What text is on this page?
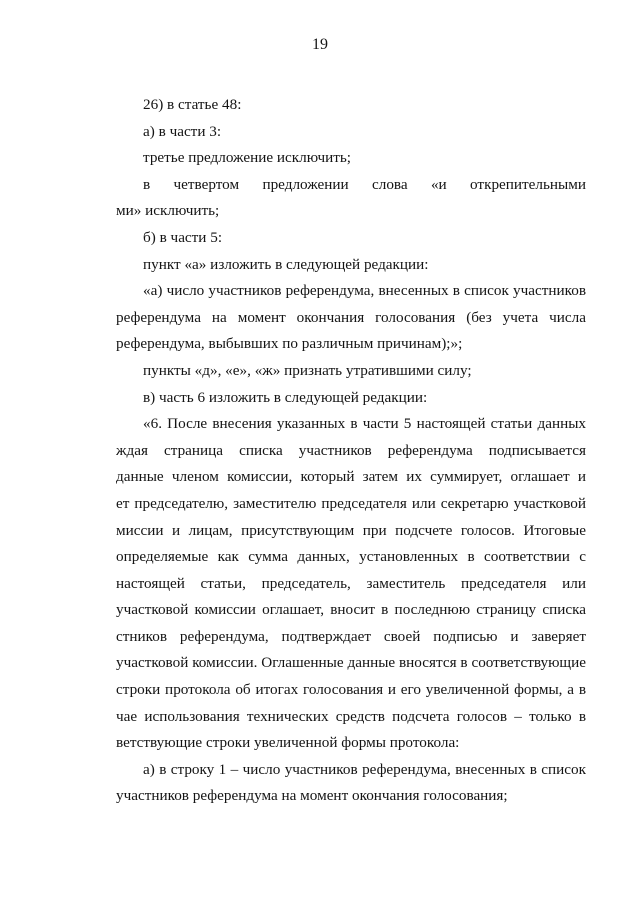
19
26) в статье 48:
а) в части 3:
третье предложение исключить;
в четвертом предложении слова «и открепительными
ми» исключить;
б) в части 5:
пункт «а» изложить в следующей редакции:
«а) число участников референдума, внесенных в список участников
референдума на момент окончания голосования (без учета числа
референдума, выбывших по различным причинам);»;
пункты «д», «е», «ж» признать утратившими силу;
в) часть 6 изложить в следующей редакции:
«6. После внесения указанных в части 5 настоящей статьи данных
ждая страница списка участников референдума подписывается
данные членом комиссии, который затем их суммирует, оглашает и
ет председателю, заместителю председателя или секретарю участковой
миссии и лицам, присутствующим при подсчете голосов. Итоговые
определяемые как сумма данных, установленных в соответствии с
настоящей статьи, председатель, заместитель председателя или
участковой комиссии оглашает, вносит в последнюю страницу списка
стников референдума, подтверждает своей подписью и заверяет
участковой комиссии. Оглашенные данные вносятся в соответствующие
строки протокола об итогах голосования и его увеличенной формы, а в
чае использования технических средств подсчета голосов – только в
ветствующие строки увеличенной формы протокола:
а) в строку 1 – число участников референдума, внесенных в список
участников референдума на момент окончания голосования;
